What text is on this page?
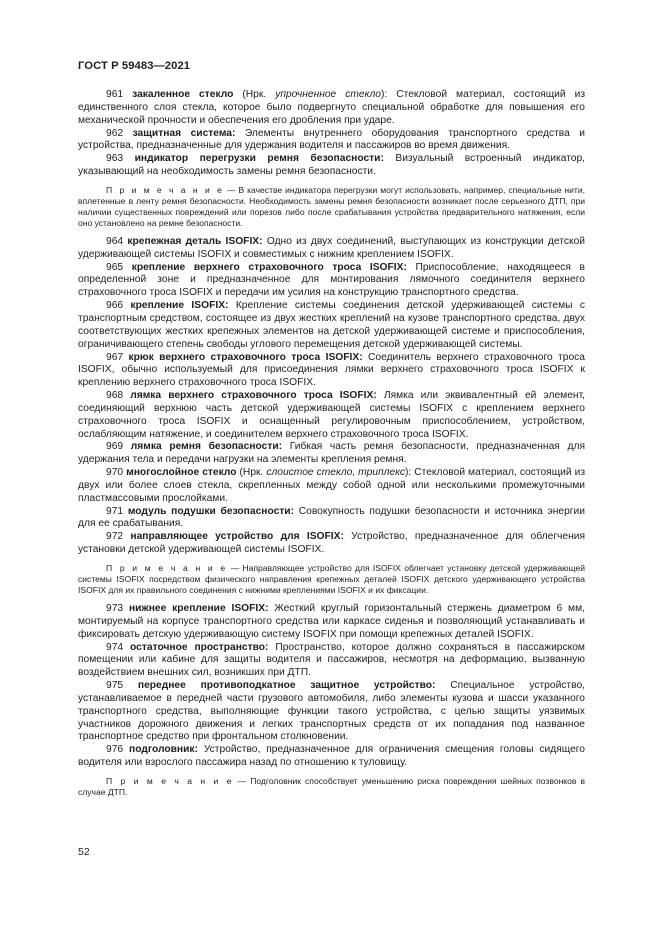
ГОСТ Р 59483—2021

961 закаленное стекло (Нрк. упрочненное стекло): Стекловой материал, состоящий из единственного слоя стекла, которое было подвергнуто специальной обработке для повышения его механической прочности и обеспечения его дробления при ударе.

962 защитная система: Элементы внутреннего оборудования транспортного средства и устройства, предназначенные для удержания водителя и пассажиров во время движения.

963 индикатор перегрузки ремня безопасности: Визуальный встроенный индикатор, указывающий на необходимость замены ремня безопасности.

П р и м е ч а н и е — В качестве индикатора перегрузки могут использовать, например, специальные нити, вплетенные в ленту ремня безопасности. Необходимость замены ремня безопасности возникает после серьезного ДТП, при наличии существенных повреждений или порезов либо после срабатывания устройства предварительного натяжения, если оно установлено на ремне безопасности.

964 крепежная деталь ISOFIX: Одно из двух соединений, выступающих из конструкции детской удерживающей системы ISOFIX и совместимых с нижним креплением ISOFIX.

965 крепление верхнего страховочного троса ISOFIX: Приспособление, находящееся в определенной зоне и предназначенное для монтирования лямочного соединителя верхнего страховочного троса ISOFIX и передачи им усилия на конструкцию транспортного средства.

966 крепление ISOFIX: Крепление системы соединения детской удерживающей системы с транспортным средством, состоящее из двух жестких креплений на кузове транспортного средства, двух соответствующих жестких крепежных элементов на детской удерживающей системе и приспособления, ограничивающего степень свободы углового перемещения детской удерживающей системы.

967 крюк верхнего страховочного троса ISOFIX: Соединитель верхнего страховочного троса ISOFIX, обычно используемый для присоединения лямки верхнего страховочного троса ISOFIX к креплению верхнего страховочного троса ISOFIX.

968 лямка верхнего страховочного троса ISOFIX: Лямка или эквивалентный ей элемент, соединяющий верхнюю часть детской удерживающей системы ISOFIX с креплением верхнего страховочного троса ISOFIX и оснащенный регулировочным приспособлением, устройством, ослабляющим натяжение, и соединителем верхнего страховочного троса ISOFIX.

969 лямка ремня безопасности: Гибкая часть ремня безопасности, предназначенная для удержания тела и передачи нагрузки на элементы крепления ремня.

970 многослойное стекло (Нрк. слоистое стекло, триплекс): Стекловой материал, состоящий из двух или более слоев стекла, скрепленных между собой одной или несколькими промежуточными пластмассовыми прослойками.

971 модуль подушки безопасности: Совокупность подушки безопасности и источника энергии для ее срабатывания.

972 направляющее устройство для ISOFIX: Устройство, предназначенное для облегчения установки детской удерживающей системы ISOFIX.

П р и м е ч а н и е — Направляющее устройство для ISOFIX облегчает установку детской удерживающей системы ISOFIX посредством физического направления крепежных деталей ISOFIX детского удерживающего устройства ISOFIX для их правильного соединения с нижними креплениями ISOFIX и их фиксации.

973 нижнее крепление ISOFIX: Жесткий круглый горизонтальный стержень диаметром 6 мм, монтируемый на корпусе транспортного средства или каркасе сиденья и позволяющий устанавливать и фиксировать детскую удерживающую систему ISOFIX при помощи крепежных деталей ISOFIX.

974 остаточное пространство: Пространство, которое должно сохраняться в пассажирском помещении или кабине для защиты водителя и пассажиров, несмотря на деформацию, вызванную воздействием внешних сил, возникших при ДТП.

975 переднее противоподкатное защитное устройство: Специальное устройство, устанавливаемое в передней части грузового автомобиля, либо элементы кузова и шасси указанного транспортного средства, выполняющие функции такого устройства, с целью защиты уязвимых участников дорожного движения и легких транспортных средств от их попадания под названное транспортное средство при фронтальном столкновении.

976 подголовник: Устройство, предназначенное для ограничения смещения головы сидящего водителя или взрослого пассажира назад по отношению к туловищу.

П р и м е ч а н и е — Подголовник способствует уменьшению риска повреждения шейных позвонков в случае ДТП.

52
